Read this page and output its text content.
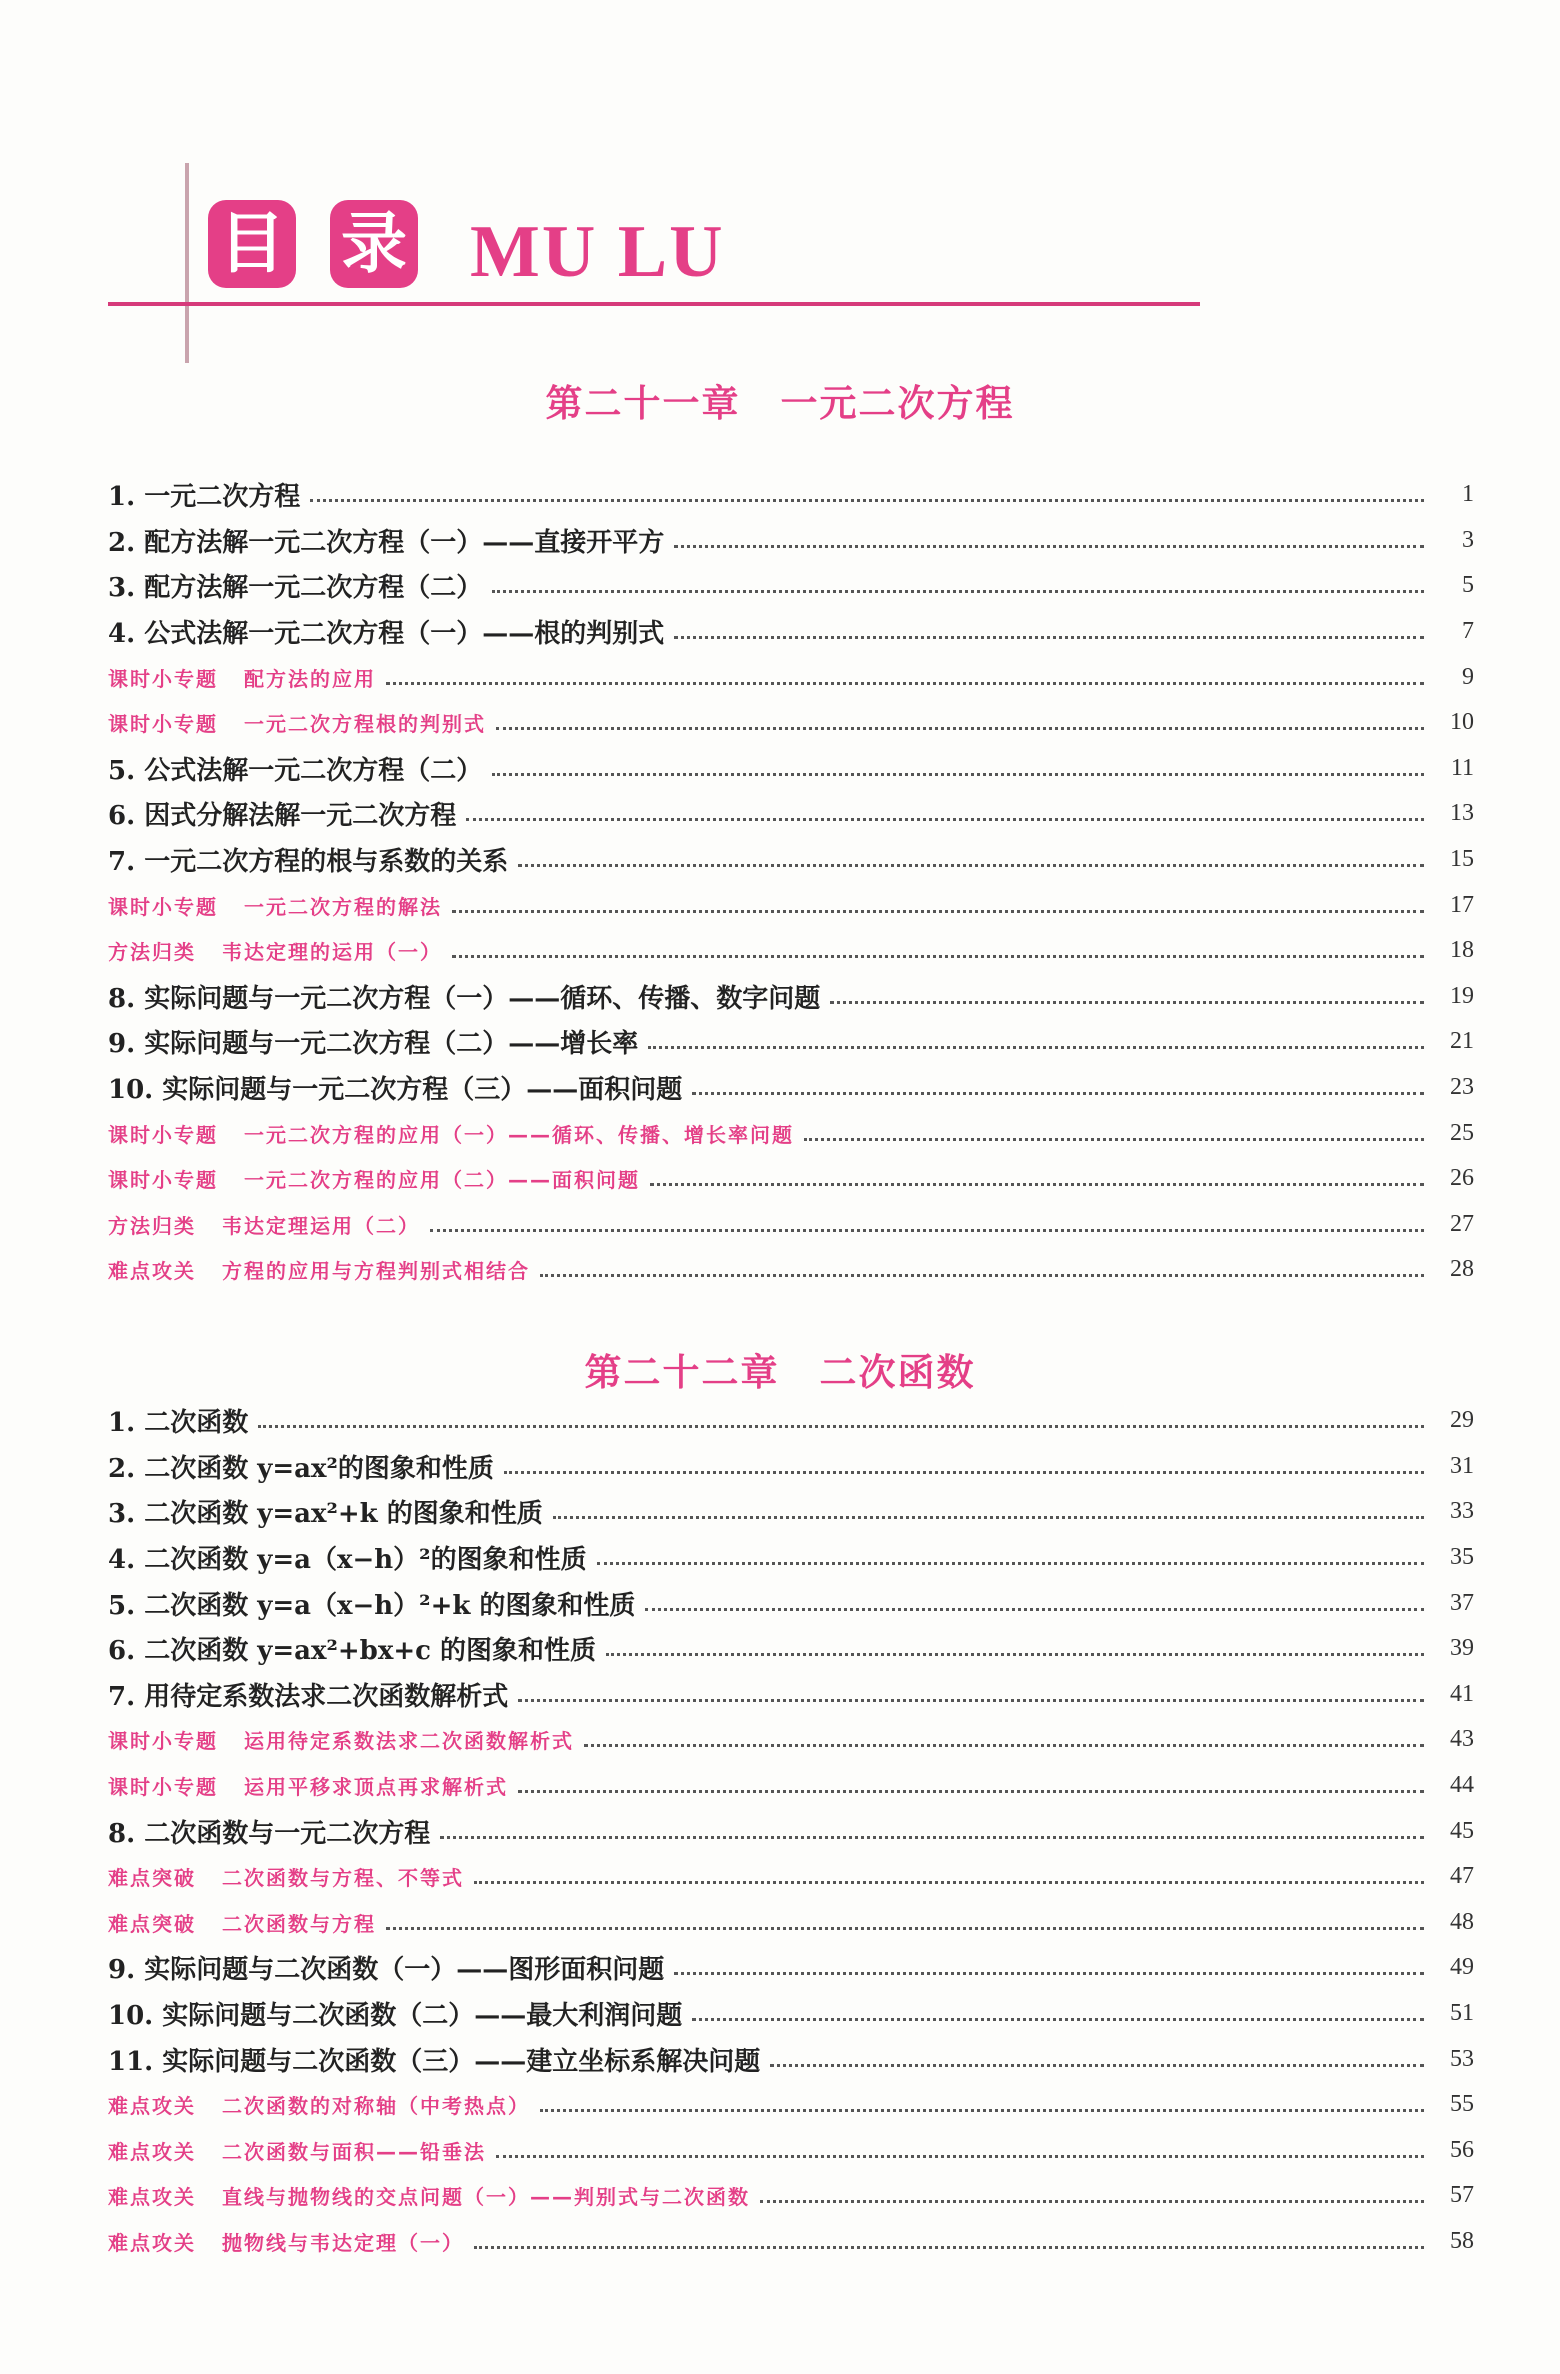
目 录 MU LU
第二十一章 一元二次方程
1. 一元二次方程	1
2. 配方法解一元二次方程（一）——直接开平方	3
3. 配方法解一元二次方程（二）	5
4. 公式法解一元二次方程（一）——根的判别式	7
课时小专题 配方法的应用	9
课时小专题 一元二次方程根的判别式	10
5. 公式法解一元二次方程（二）	11
6. 因式分解法解一元二次方程	13
7. 一元二次方程的根与系数的关系	15
课时小专题 一元二次方程的解法	17
方法归类 韦达定理的运用（一）	18
8. 实际问题与一元二次方程（一）——循环、传播、数字问题	19
9. 实际问题与一元二次方程（二）——增长率	21
10. 实际问题与一元二次方程（三）——面积问题	23
课时小专题 一元二次方程的应用（一）——循环、传播、增长率问题	25
课时小专题 一元二次方程的应用（二）——面积问题	26
方法归类 韦达定理运用（二）	27
难点攻关 方程的应用与方程判别式相结合	28
第二十二章 二次函数
1. 二次函数	29
2. 二次函数 y=ax²的图象和性质	31
3. 二次函数 y=ax²+k 的图象和性质	33
4. 二次函数 y=a（x−h）²的图象和性质	35
5. 二次函数 y=a（x−h）²+k 的图象和性质	37
6. 二次函数 y=ax²+bx+c 的图象和性质	39
7. 用待定系数法求二次函数解析式	41
课时小专题 运用待定系数法求二次函数解析式	43
课时小专题 运用平移求顶点再求解析式	44
8. 二次函数与一元二次方程	45
难点突破 二次函数与方程、不等式	47
难点突破 二次函数与方程	48
9. 实际问题与二次函数（一）——图形面积问题	49
10. 实际问题与二次函数（二）——最大利润问题	51
11. 实际问题与二次函数（三）——建立坐标系解决问题	53
难点攻关 二次函数的对称轴（中考热点）	55
难点攻关 二次函数与面积——铅垂法	56
难点攻关 直线与抛物线的交点问题（一）——判别式与二次函数	57
难点攻关 抛物线与韦达定理（一）	58
